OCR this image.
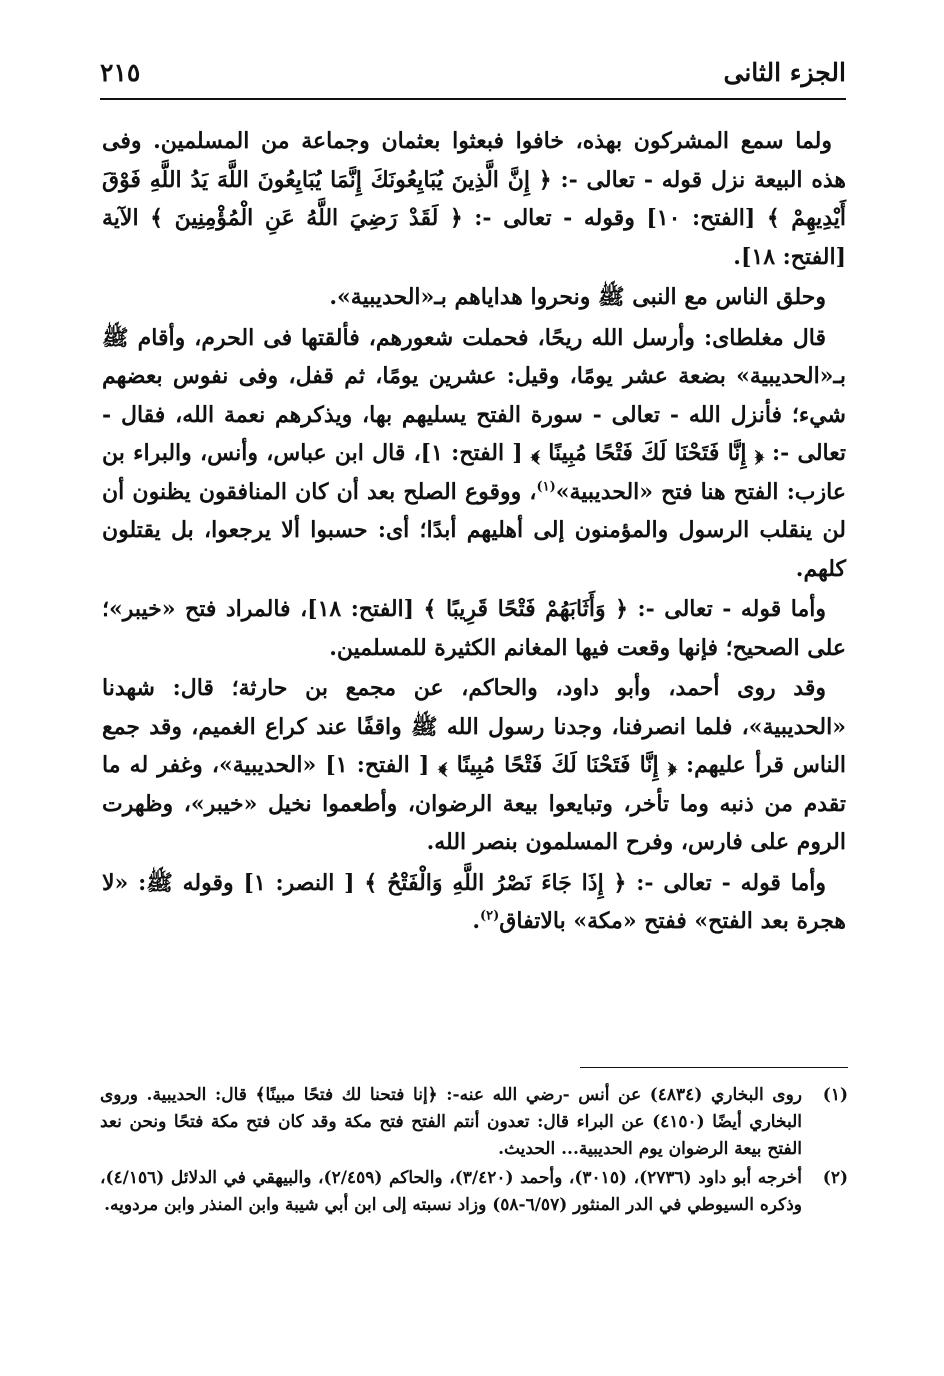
الجزء الثانى
٢١٥

ولما سمع المشركون بهذه، خافوا فبعثوا بعثمان وجماعة من المسلمين. وفى هذه البيعة نزل قوله - تعالى -: ﴿ إِنَّ الَّذِينَ يُبَايِعُونَكَ إِنَّمَا يُبَايِعُونَ اللَّهَ يَدُ اللَّهِ فَوْقَ أَيْدِيهِمْ ﴾ [الفتح: ١٠] وقوله - تعالى -: ﴿ لَقَدْ رَضِيَ اللَّهُ عَنِ الْمُؤْمِنِينَ ﴾ الآية [الفتح: ١٨].

وحلق الناس مع النبى ﷺ ونحروا هداياهم بـ«الحديبية».

قال مغلطاى: وأرسل الله ريحًا، فحملت شعورهم، فألقتها فى الحرم، وأقام ﷺ بـ«الحديبية» بضعة عشر يومًا، وقيل: عشرين يومًا، ثم قفل، وفى نفوس بعضهم شيء؛ فأنزل الله - تعالى - سورة الفتح يسليهم بها، ويذكرهم نعمة الله، فقال - تعالى -: ﴿ إِنَّا فَتَحْنَا لَكَ فَتْحًا مُبِينًا ﴾ [ الفتح: ١]، قال ابن عباس، وأنس، والبراء بن عازب: الفتح هنا فتح «الحديبية»$^{(١)}$، ووقوع الصلح بعد أن كان المنافقون يظنون أن لن ينقلب الرسول والمؤمنون إلى أهليهم أبدًا؛ أى: حسبوا ألا يرجعوا، بل يقتلون كلهم.

وأما قوله - تعالى -: ﴿ وَأَثَابَهُمْ فَتْحًا قَرِيبًا ﴾ [الفتح: ١٨]، فالمراد فتح «خيبر»؛ على الصحيح؛ فإنها وقعت فيها المغانم الكثيرة للمسلمين.

وقد روى أحمد، وأبو داود، والحاكم، عن مجمع بن حارثة؛ قال: شهدنا «الحديبية»، فلما انصرفنا، وجدنا رسول الله ﷺ واقفًا عند كراع الغميم، وقد جمع الناس قرأ عليهم: ﴿ إِنَّا فَتَحْنَا لَكَ فَتْحًا مُبِينًا ﴾ [ الفتح: ١] «الحديبية»، وغفر له ما تقدم من ذنبه وما تأخر، وتبايعوا بيعة الرضوان، وأطعموا نخيل «خيبر»، وظهرت الروم على فارس، وفرح المسلمون بنصر الله.

وأما قوله - تعالى -: ﴿ إِذَا جَاءَ نَصْرُ اللَّهِ وَالْفَتْحُ ﴾ [ النصر: ١] وقوله ﷺ: «لا هجرة بعد الفتح» ففتح «مكة» بالاتفاق$^{(٢)}$.

(١)
روى البخاري (٤٨٣٤) عن أنس -رضي الله عنه-: ﴿إنا فتحنا لك فتحًا مبينًا﴾ قال: الحديبية. وروى البخاري أيضًا (٤١٥٠) عن البراء قال: تعدون أنتم الفتح فتح مكة وقد كان فتح مكة فتحًا ونحن نعد الفتح بيعة الرضوان يوم الحديبية... الحديث.
(٢)
أخرجه أبو داود (٢٧٣٦)، (٣٠١٥)، وأحمد (٣/٤٢٠)، والحاكم (٢/٤٥٩)، والبيهقي في الدلائل (٤/١٥٦)، وذكره السيوطي في الدر المنثور (٦/٥٧-٥٨) وزاد نسبته إلى ابن أبي شيبة وابن المنذر وابن مردويه.
